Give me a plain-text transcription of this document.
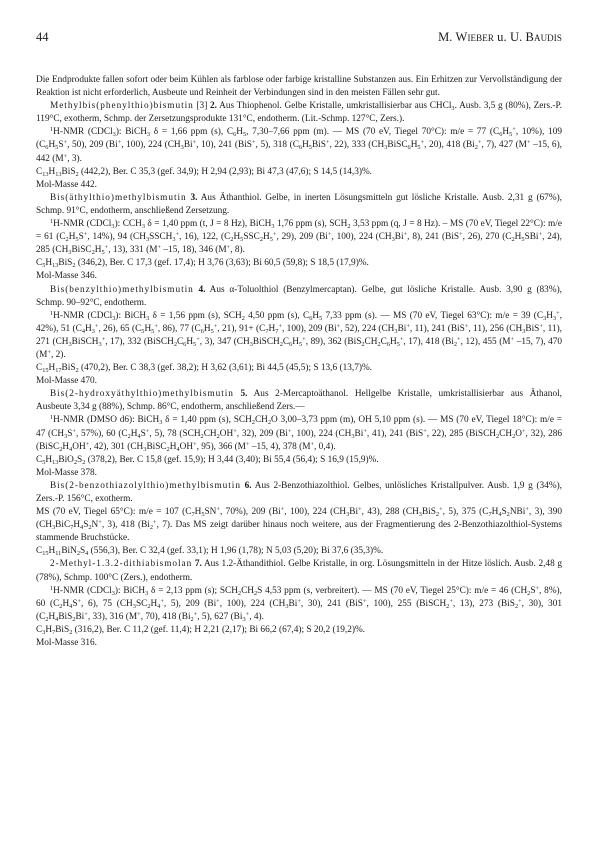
44	M. Wieber u. U. Baudis

Die Endprodukte fallen sofort oder beim Kühlen als farblose oder farbige kristalline Substanzen aus. Ein Erhitzen zur Vervollständigung der Reaktion ist nicht erforderlich, Ausbeute und Reinheit der Verbindungen sind in den meisten Fällen sehr gut.

Methylbis(phenylthio)bismutin [3] 2. Aus Thiophenol. Gelbe Kristalle, umkristallisierbar aus CHCl$_3$. Ausb. 3,5 g (80%), Zers.-P. 119°C, exotherm, Schmp. der Zersetzungsprodukte 131°C, endotherm. (Lit.-Schmp. 127°C, Zers.).

$^1$H-NMR (CDCl$_3$): BiCH$_3$ δ = 1,66 ppm (s), $C_6H_5$, 7,30–7,66 ppm (m). — MS (70 eV, Tiegel 70°C): m/e = 77 ($C_6H_5^+$, 10%), 109 ($C_6H_5S^+$, 50), 209 (Bi+, 100), 224 ($CH_3Bi^+$, 10), 241 (BiS+, 5), 318 ($C_6H_5BiS^+$, 22), 333 ($CH_3BiSC_6H_5^+$, 20), 418 ($Bi_2^+$, 7), 427 (M+ –15, 6), 442 (M+, 3).

$C_{13}H_{13}BiS_2$ (442,2), Ber. C 35,3 (gef. 34,9); H 2,94 (2,93); Bi 47,3 (47,6); S 14,5 (14,3)%.

Mol-Masse 442.

Bis(äthylthio)methylbismutin 3. Aus Äthanthiol. Gelbe, in inerten Lösungsmitteln gut lösliche Kristalle. Ausb. 2,31 g (67%), Schmp. 91°C, endotherm, anschließend Zersetzung.

$^1$H-NMR (CDCl$_3$): $CCH_3$ δ = 1,40 ppm (t, J = 8 Hz), BiCH$_3$ 1,76 ppm (s), $SCH_2$ 3,53 ppm (q, J = 8 Hz). – MS (70 eV, Tiegel 22°C): m/e = 61 ($C_2H_5S^+$, 14%), 94 ($CH_3SSCH_3^+$, 16), 122, ($C_2H_5SSC_2H_5^+$, 29), 209 (Bi+, 100), 224 ($CH_3Bi^+$, 8), 241 (BiS+, 26), 270 ($C_2H_5SBi^+$, 24), 285 ($CH_3BiSC_2H_5^+$, 13), 331 (M+ –15, 18), 346 (M+, 8).

$C_5H_{13}BiS_2$ (346,2), Ber. C 17,3 (gef. 17,4); H 3,76 (3,63); Bi 60,5 (59,8); S 18,5 (17,9)%.

Mol-Masse 346.

Bis(benzylthio)methylbismutin 4. Aus α-Toluolthiol (Benzylmercaptan). Gelbe, gut lösliche Kristalle. Ausb. 3,90 g (83%), Schmp. 90–92°C, endotherm.

$^1$H-NMR (CDCl$_3$): BiCH$_3$ δ = 1,56 ppm (s), $SCH_2$ 4,50 ppm (s), $C_6H_5$ 7,33 ppm (s). — MS (70 eV, Tiegel 63°C): m/e = 39 ($C_3H_3^+$, 42%), 51 ($C_4H_3^+$, 26), 65 ($C_5H_5^+$, 86), 77 ($C_6H_5^+$, 21), $91+ (C_7H_7^+$, 100), 209 (Bi+, 52), 224 ($CH_3Bi^+$, 11), 241 (BiS+, 11), 256 ($CH_3BiS^+$, 11), 271 ($CH_3BiSCH_3^+$, 17), 332 ($BiSCH_2C_6H_5^+$, 3), 347 ($CH_3BiSCH_2C_6H_5^+$, 89), 362 ($BiS_2CH_2C_6H_5^+$, 17), 418 ($Bi_2^+$, 12), 455 (M+ –15, 7), 470 (M+, 2).

$C_{15}H_{17}BiS_2$ (470,2), Ber. C 38,3 (gef. 38,2); H 3,62 (3,61); Bi 44,5 (45,5); S 13,6 (13,7)%.

Mol-Masse 470.

Bis(2-hydroxyäthylthio)methylbismutin 5. Aus 2-Mercaptoäthanol. Hellgelbe Kristalle, umkristallisierbar aus Äthanol, Ausbeute 3,34 g (88%), Schmp. 86°C, endotherm, anschließend Zers.—

$^1$H-NMR (DMSO d6): BiCH$_3$ δ = 1,40 ppm (s), $SCH_2CH_2O$ 3,00–3,73 ppm (m), OH 5,10 ppm (s). — MS (70 eV, Tiegel 18°C): m/e = 47 ($CH_3S^+$, 57%), 60 ($C_2H_4S^+$, 5), 78 ($SCH_2CH_2OH^+$, 32), 209 (Bi+, 100), 224 ($CH_3Bi^+$, 41), 241 (BiS+, 22), 285 ($BiSCH_2CH_2O^+$, 32), 286 ($BiSC_2H_4OH^+$, 42), 301 ($CH_3BiSC_2H_4OH^+$, 95), 366 (M+ –15, 4), 378 (M+, 0,4).

$C_5H_{13}BiO_2S_2$ (378,2), Ber. C 15,8 (gef. 15,9); H 3,44 (3,40); Bi 55,4 (56,4); S 16,9 (15,9)%.

Mol-Masse 378.

Bis(2-benzothiazolylthio)methylbismutin 6. Aus 2-Benzothiazolthiol. Gelbes, unlösliches Kristallpulver. Ausb. 1,9 g (34%), Zers.-P. 156°C, exotherm.

MS (70 eV, Tiegel 65°C): m/e = 107 ($C_7H_5SN^+$, 70%), 209 (Bi+, 100), 224 ($CH_3Bi^+$, 43), 288 ($CH_3BiS_2^+$, 5), 375 ($C_7H_4S_2NBi^+$, 3), 390 ($CH_3BiC_7H_4S_2N^+$, 3), 418 ($Bi_2^+$, 7). Das MS zeigt darüber hinaus noch weitere, aus der Fragmentierung des 2-Benzothiazolthiol-Systems stammende Bruchstücke.

$C_{15}H_{11}BiN_2S_4$ (556,3), Ber. C 32,4 (gef. 33,1); H 1,96 (1,78); N 5,03 (5,20); Bi 37,6 (35,3)%.

2-Methyl-1.3.2-dithiabismolan 7. Aus 1.2-Äthandithiol. Gelbe Kristalle, in org. Lösungsmitteln in der Hitze löslich. Ausb. 2,48 g (78%), Schmp. 100°C (Zers.), endotherm.

$^1$H-NMR (CDCl$_3$): BiCH$_3$ δ = 2,13 ppm (s); $SCH_2CH_2S$ 4,53 ppm (s, verbreitert). — MS (70 eV, Tiegel 25°C): m/e = 46 ($CH_2S^+$, 8%), 60 ($C_2H_4S^+$, 6), 75 ($CH_3SC_2H_4^+$, 5), 209 (Bi+, 100), 224 ($CH_3Bi^+$, 30), 241 (BiS+, 100), 255 (BiSCH$_2$+, 13), 273 (BiS$_2$+, 30), 301 ($C_2H_4BiS_2Bi^+$, 33), 316 (M+, 70), 418 ($Bi_2^+$, 5), 627 ($Bi_3^+$, 4).

$C_3H_7BiS_2$ (316,2), Ber. C 11,2 (gef. 11,4); H 2,21 (2,17); Bi 66,2 (67,4); S 20,2 (19,2)%.

Mol-Masse 316.
